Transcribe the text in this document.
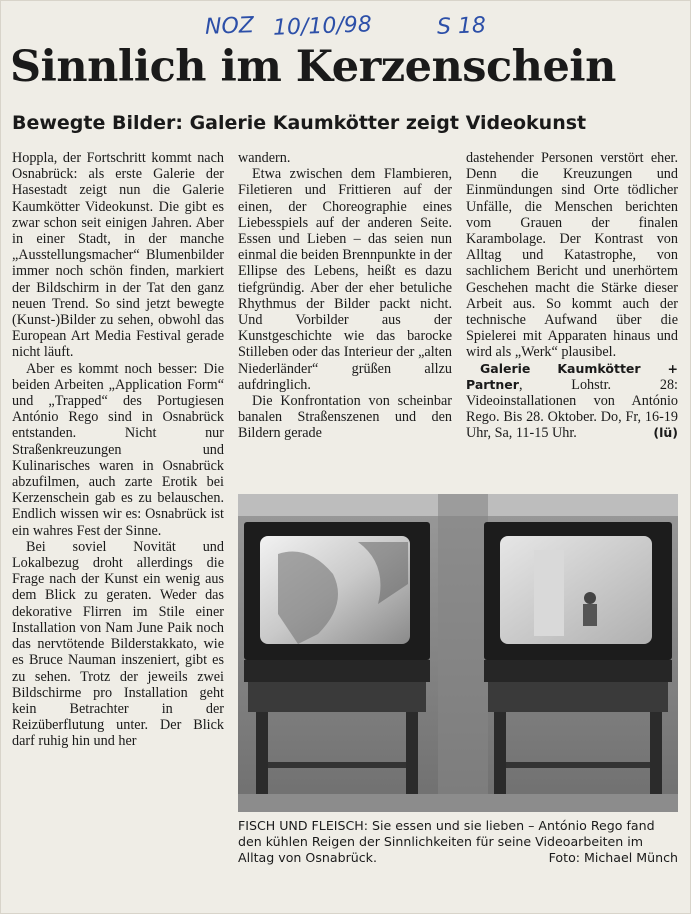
NOZ 10/10/98	S 18
Sinnlich im Kerzenschein
Bewegte Bilder: Galerie Kaumkötter zeigt Videokunst

Hoppla, der Fortschritt kommt nach Osnabrück: als erste Galerie der Hasestadt zeigt nun die Galerie Kaumkötter Videokunst. Die gibt es zwar schon seit einigen Jahren. Aber in einer Stadt, in der manche „Ausstellungsmacher“ Blumenbilder immer noch schön finden, markiert der Bildschirm in der Tat den ganz neuen Trend. So sind jetzt bewegte (Kunst-)Bilder zu sehen, obwohl das European Art Media Festival gerade nicht läuft.

Aber es kommt noch besser: Die beiden Arbeiten „Application Form“ und „Trapped“ des Portugiesen António Rego sind in Osnabrück entstanden. Nicht nur Straßenkreuzungen und Kulinarisches waren in Osnabrück abzufilmen, auch zarte Erotik bei Kerzenschein gab es zu belauschen. Endlich wissen wir es: Osnabrück ist ein wahres Fest der Sinne.

Bei soviel Novität und Lokalbezug droht allerdings die Frage nach der Kunst ein wenig aus dem Blick zu geraten. Weder das dekorative Flirren im Stile einer Installation von Nam June Paik noch das nervtötende Bilderstakkato, wie es Bruce Nauman inszeniert, gibt es zu sehen. Trotz der jeweils zwei Bildschirme pro Installation geht kein Betrachter in der Reizüberflutung unter. Der Blick darf ruhig hin und her

wandern.

Etwa zwischen dem Flambieren, Filetieren und Frittieren auf der einen, der Choreographie eines Liebesspiels auf der anderen Seite. Essen und Lieben – das seien nun einmal die beiden Brennpunkte in der Ellipse des Lebens, heißt es dazu tiefgründig. Aber der eher betuliche Rhythmus der Bilder packt nicht. Und Vorbilder aus der Kunstgeschichte wie das barocke Stilleben oder das Interieur der „alten Niederländer“ grüßen allzu aufdringlich.

Die Konfrontation von scheinbar banalen Straßenszenen und den Bildern gerade

dastehender Personen verstört eher. Denn die Kreuzungen und Einmündungen sind Orte tödlicher Unfälle, die Menschen berichten vom Grauen der finalen Karambolage. Der Kontrast von Alltag und Katastrophe, von sachlichem Bericht und unerhörtem Geschehen macht die Stärke dieser Arbeit aus. So kommt auch der technische Aufwand über die Spielerei mit Apparaten hinaus und wird als „Werk“ plausibel.

Galerie Kaumkötter + Partner, Lohstr. 28: Videoinstallationen von António Rego. Bis 28. Oktober. Do, Fr, 16-19 Uhr, Sa, 11-15 Uhr.	(lü)

FISCH UND FLEISCH: Sie essen und sie lieben – António Rego fand den kühlen Reigen der Sinnlichkeiten für seine Videoarbeiten im Alltag von Osnabrück.	Foto: Michael Münch
